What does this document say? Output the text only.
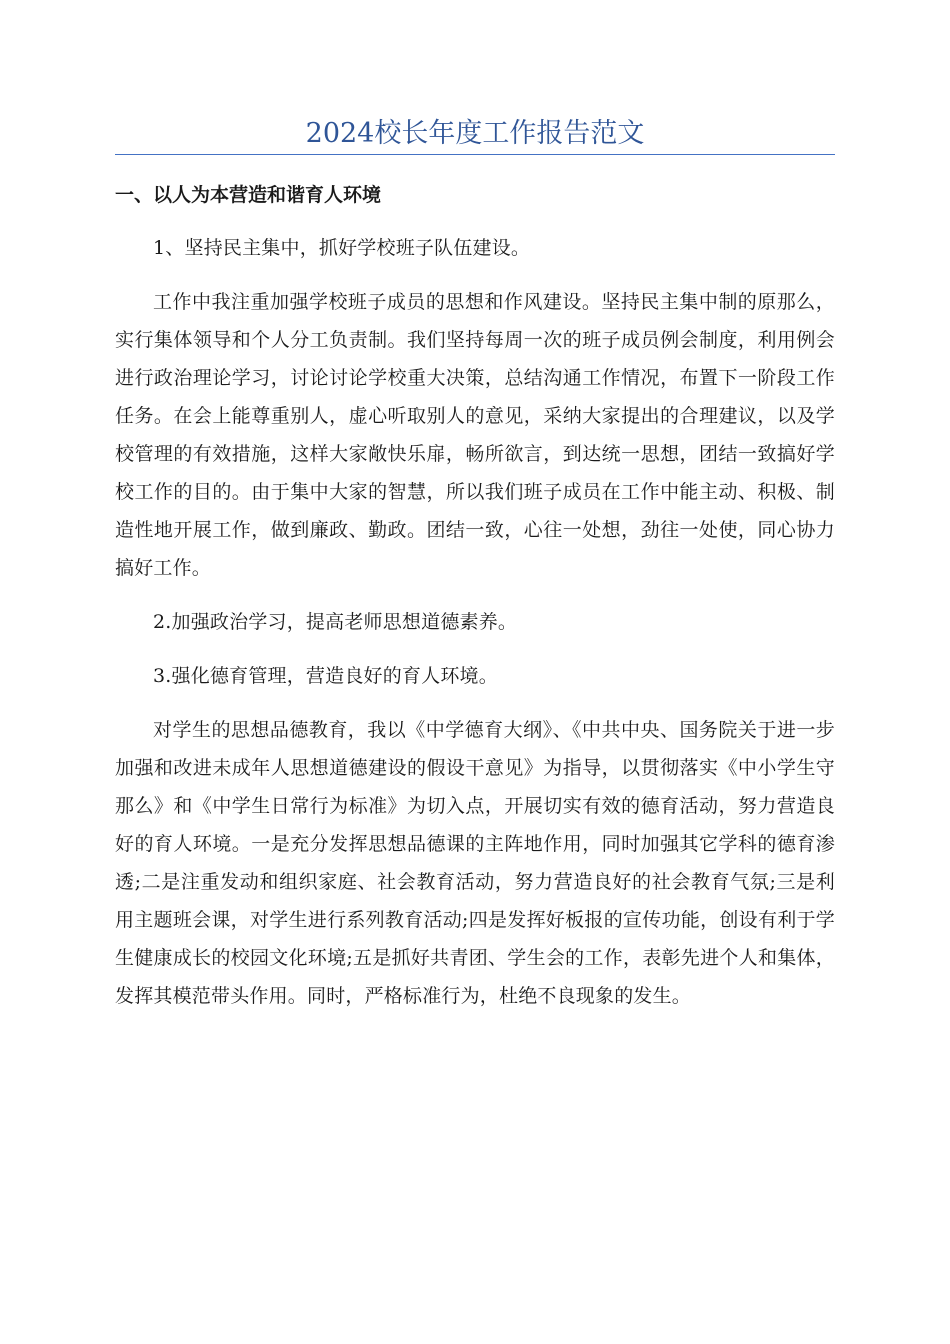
2024校长年度工作报告范文
一、以人为本营造和谐育人环境

1、坚持民主集中，抓好学校班子队伍建设。

工作中我注重加强学校班子成员的思想和作风建设。坚持民主集中制的原那么，实行集体领导和个人分工负责制。我们坚持每周一次的班子成员例会制度，利用例会进行政治理论学习，讨论讨论学校重大决策，总结沟通工作情况，布置下一阶段工作任务。在会上能尊重别人，虚心听取别人的意见，采纳大家提出的合理建议，以及学校管理的有效措施，这样大家敞快乐扉，畅所欲言，到达统一思想，团结一致搞好学校工作的目的。由于集中大家的智慧，所以我们班子成员在工作中能主动、积极、制造性地开展工作，做到廉政、勤政。团结一致，心往一处想，劲往一处使，同心协力搞好工作。

2.加强政治学习，提高老师思想道德素养。

3.强化德育管理，营造良好的育人环境。

对学生的思想品德教育，我以《中学德育大纲》、《中共中央、国务院关于进一步加强和改进未成年人思想道德建设的假设干意见》为指导，以贯彻落实《中小学生守那么》和《中学生日常行为标准》为切入点，开展切实有效的德育活动，努力营造良好的育人环境。一是充分发挥思想品德课的主阵地作用，同时加强其它学科的德育渗透;二是注重发动和组织家庭、社会教育活动，努力营造良好的社会教育气氛;三是利用主题班会课，对学生进行系列教育活动;四是发挥好板报的宣传功能，创设有利于学生健康成长的校园文化环境;五是抓好共青团、学生会的工作，表彰先进个人和集体，发挥其模范带头作用。同时，严格标准行为，杜绝不良现象的发生。
